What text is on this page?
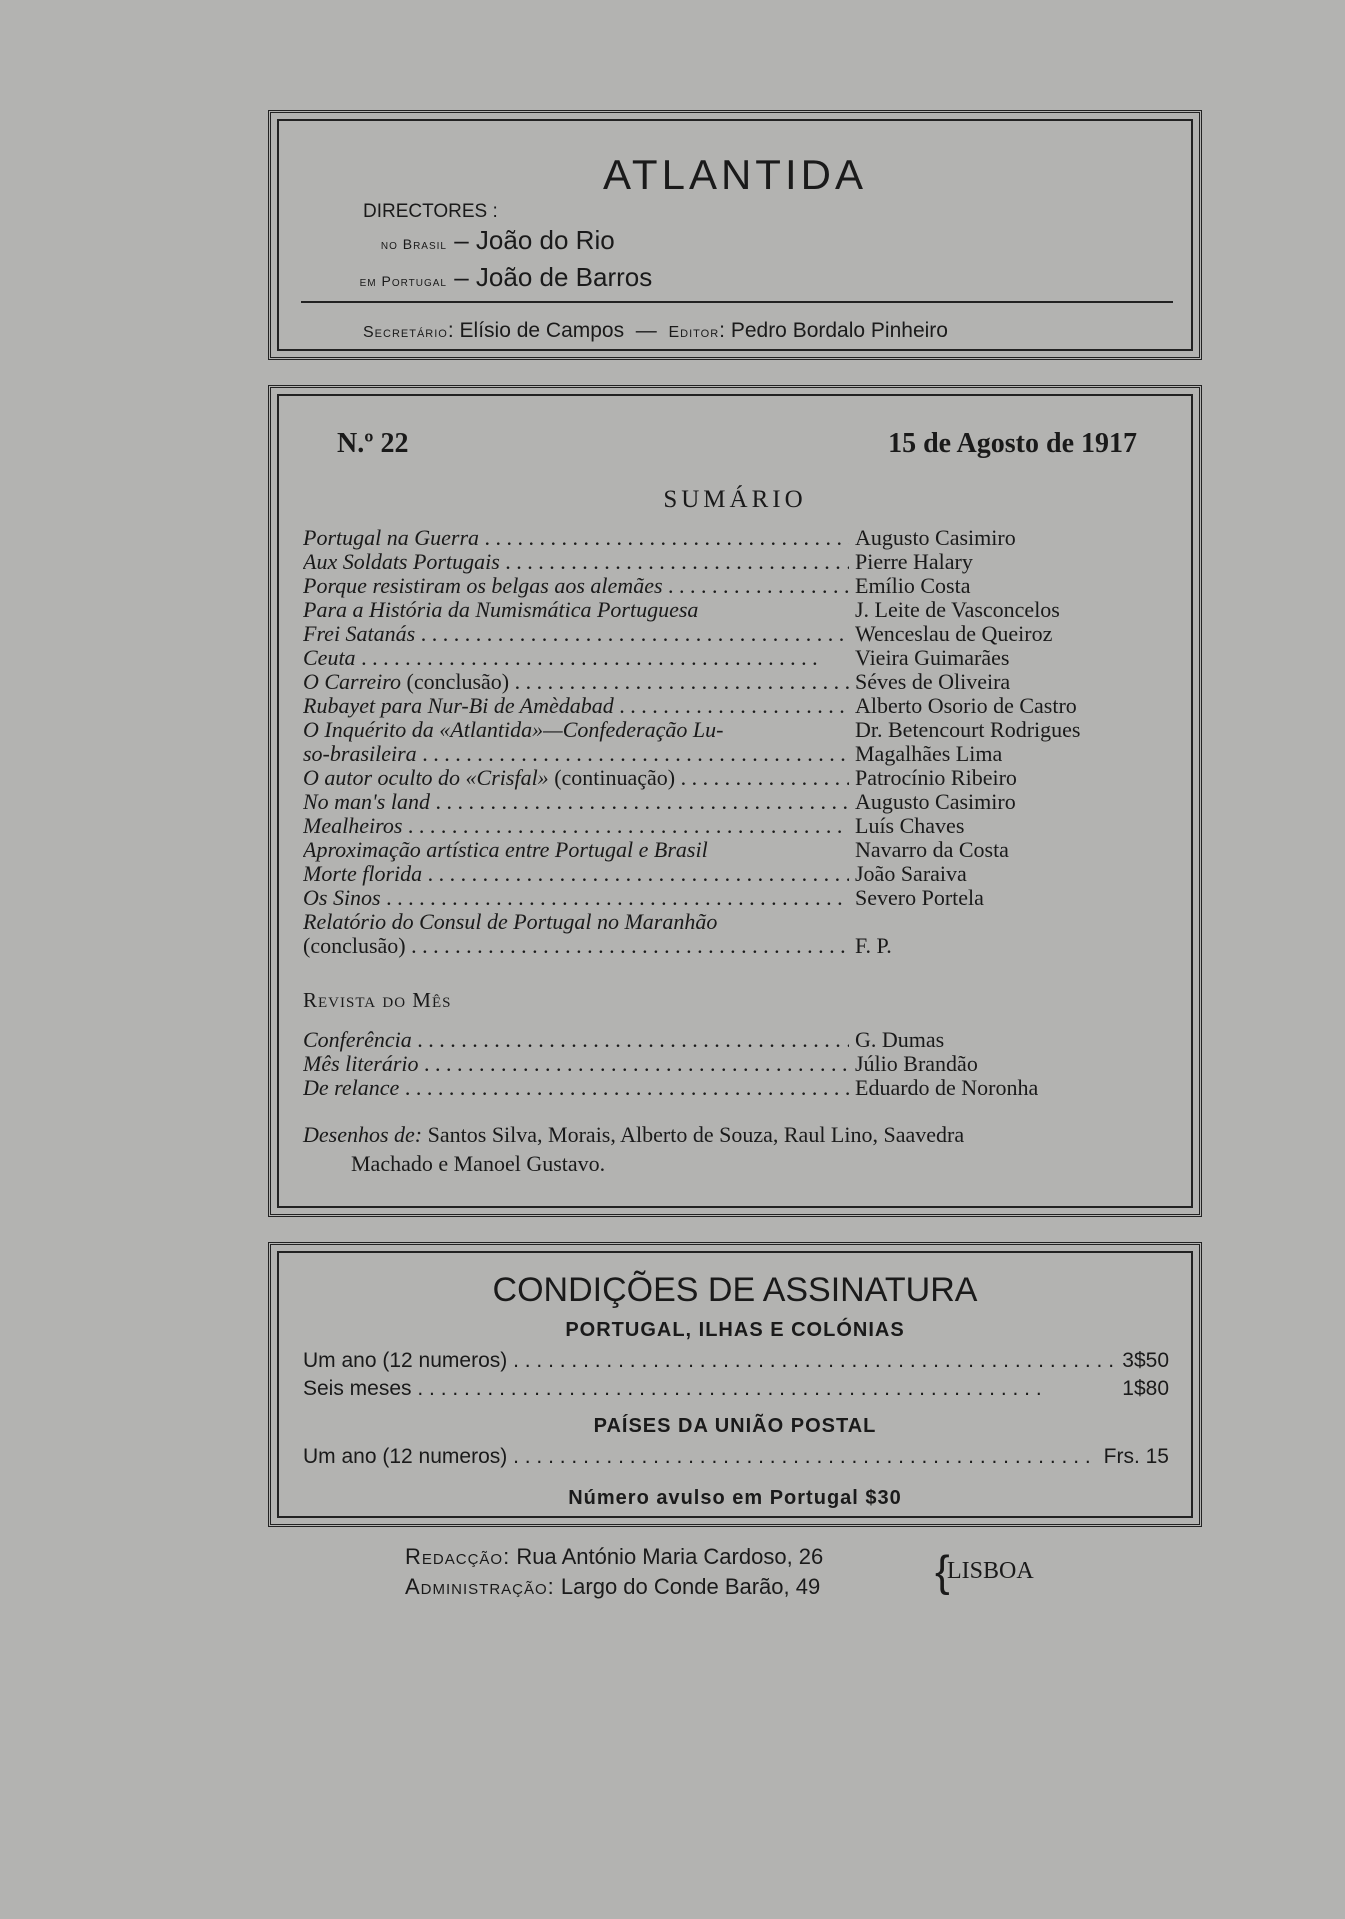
ATLANTIDA
DIRECTORES :
no Brasil – João do Rio
em Portugal – João de Barros
Secretário: Elísio de Campos  —  Editor: Pedro Bordalo Pinheiro
N.º 22	15 de Agosto de 1917
SUMÁRIO
Portugal na Guerra . . .	Augusto Casimiro
Aux Soldats Portugais . . .	Pierre Halary
Porque resistiram os belgas aos alemães . . .	Emílio Costa
Para a História da Numismática Portuguesa	J. Leite de Vasconcelos
Frei Satanás . . .	Wenceslau de Queiroz
Ceuta . . .	Vieira Guimarães
O Carreiro (conclusão) . . .	Séves de Oliveira
Rubayet para Nur-Bi de Amèdabad . . .	Alberto Osorio de Castro
O Inquérito da «Atlantida»—Confederação Lu-	Dr. Betencourt Rodrigues
so-brasileira . . .	Magalhães Lima
O autor oculto do «Crisfal» (continuação) . . .	Patrocínio Ribeiro
No man's land . . .	Augusto Casimiro
Mealheiros . . .	Luís Chaves
Aproximação artística entre Portugal e Brasil	Navarro da Costa
Morte florida . . .	João Saraiva
Os Sinos . . .	Severo Portela
Relatório do Consul de Portugal no Maranhão
(conclusão) . . .	F. P.
Revista do Mês
Conferência . . .	G. Dumas
Mês literário . . .	Júlio Brandão
De relance . . .	Eduardo de Noronha
Desenhos de: Santos Silva, Morais, Alberto de Souza, Raul Lino, Saavedra
Machado e Manoel Gustavo.
CONDIÇÕES DE ASSINATURA
PORTUGAL, ILHAS E COLÓNIAS
Um ano (12 numeros) . . .	3$50
Seis meses . . .	1$80
PAÍSES DA UNIÃO POSTAL
Um ano (12 numeros) . . .	Frs. 15
Número avulso em Portugal $30
Redacção: Rua António Maria Cardoso, 26
Administração: Largo do Conde Barão, 49	{
LISBOA
